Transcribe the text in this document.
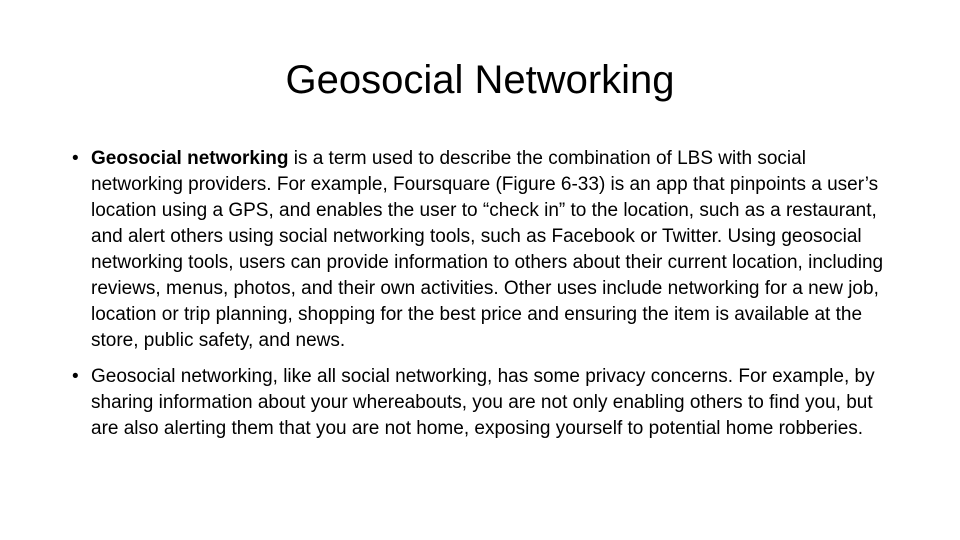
Geosocial Networking
• Geosocial networking is a term used to describe the combination of LBS with social networking providers. For example, Foursquare (Figure 6-33) is an app that pinpoints a user’s location using a GPS, and enables the user to “check in” to the location, such as a restaurant, and alert others using social networking tools, such as Facebook or Twitter. Using geosocial networking tools, users can provide information to others about their current location, including reviews, menus, photos, and their own activities. Other uses include networking for a new job, location or trip planning, shopping for the best price and ensuring the item is available at the store, public safety, and news.
• Geosocial networking, like all social networking, has some privacy concerns. For example, by sharing information about your whereabouts, you are not only enabling others to find you, but are also alerting them that you are not home, exposing yourself to potential home robberies.
